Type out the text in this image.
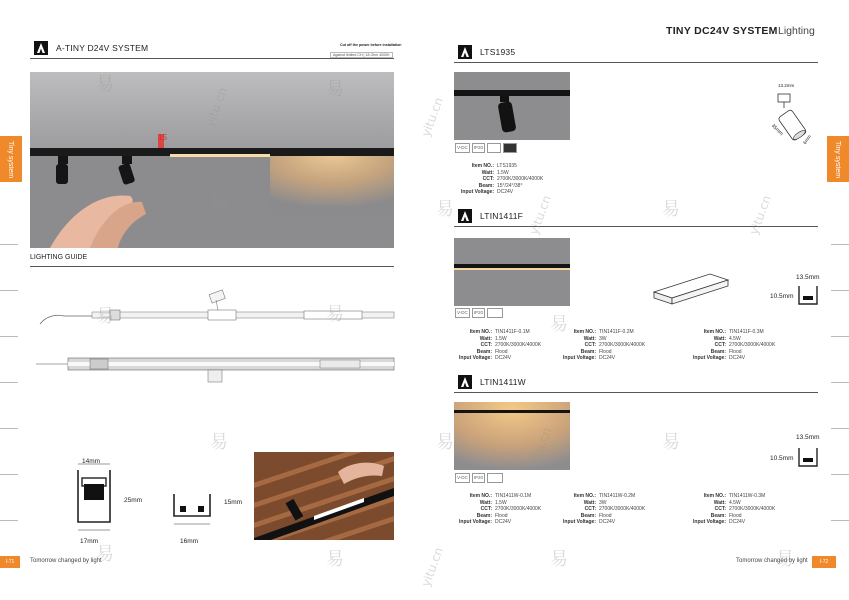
A-TINY D24V SYSTEM	Cut off the power before installation
Against limited CH | 18 Ohm 4000K
15
LIGHTING GUIDE
14mm
25mm
17mm
15mm
16mm
I-71	Tomorrow changed by light
Tiny system
TINY DC24V SYSTEM Lighting
LTS1935
V-DC	IP20
Item NO.: LTS1935
Watt: 1.5W
CCT: 2700K/3000K/4000K
Beam: 15°/24°/38°
Input Voltage: DC24V
13.2mm
35mm
6mm
LTIN1411F
V-DC	IP20
13.5mm
10.5mm
Item NO.: TIN1411F-0.1M
Watt: 1.5W
CCT: 2700K/3000K/4000K
Beam: Flood
Input Voltage: DC24V
Item NO.: TIN1411F-0.2M
Watt: 3W
CCT: 2700K/3000K/4000K
Beam: Flood
Input Voltage: DC24V
Item NO.: TIN1411F-0.3M
Watt: 4.5W
CCT: 2700K/3000K/4000K
Beam: Flood
Input Voltage: DC24V
LTIN1411W
V-DC	IP20
13.5mm
10.5mm
Item NO.: TIN1411W-0.1M
Watt: 1.5W
CCT: 2700K/3000K/4000K
Beam: Flood
Input Voltage: DC24V
Item NO.: TIN1411W-0.2M
Watt: 3W
CCT: 2700K/3000K/4000K
Beam: Flood
Input Voltage: DC24V
Item NO.: TIN1411W-0.3M
Watt: 4.5W
CCT: 2700K/3000K/4000K
Beam: Flood
Input Voltage: DC24V
Tomorrow changed by light	I-72
Tiny system
易	易
易	易	易
易	易	易
易	易	易
易	易	易	易
yitu.cn	yitu.cn
yitu.cn	yitu.cn
yitu.cn
yitu.cn
